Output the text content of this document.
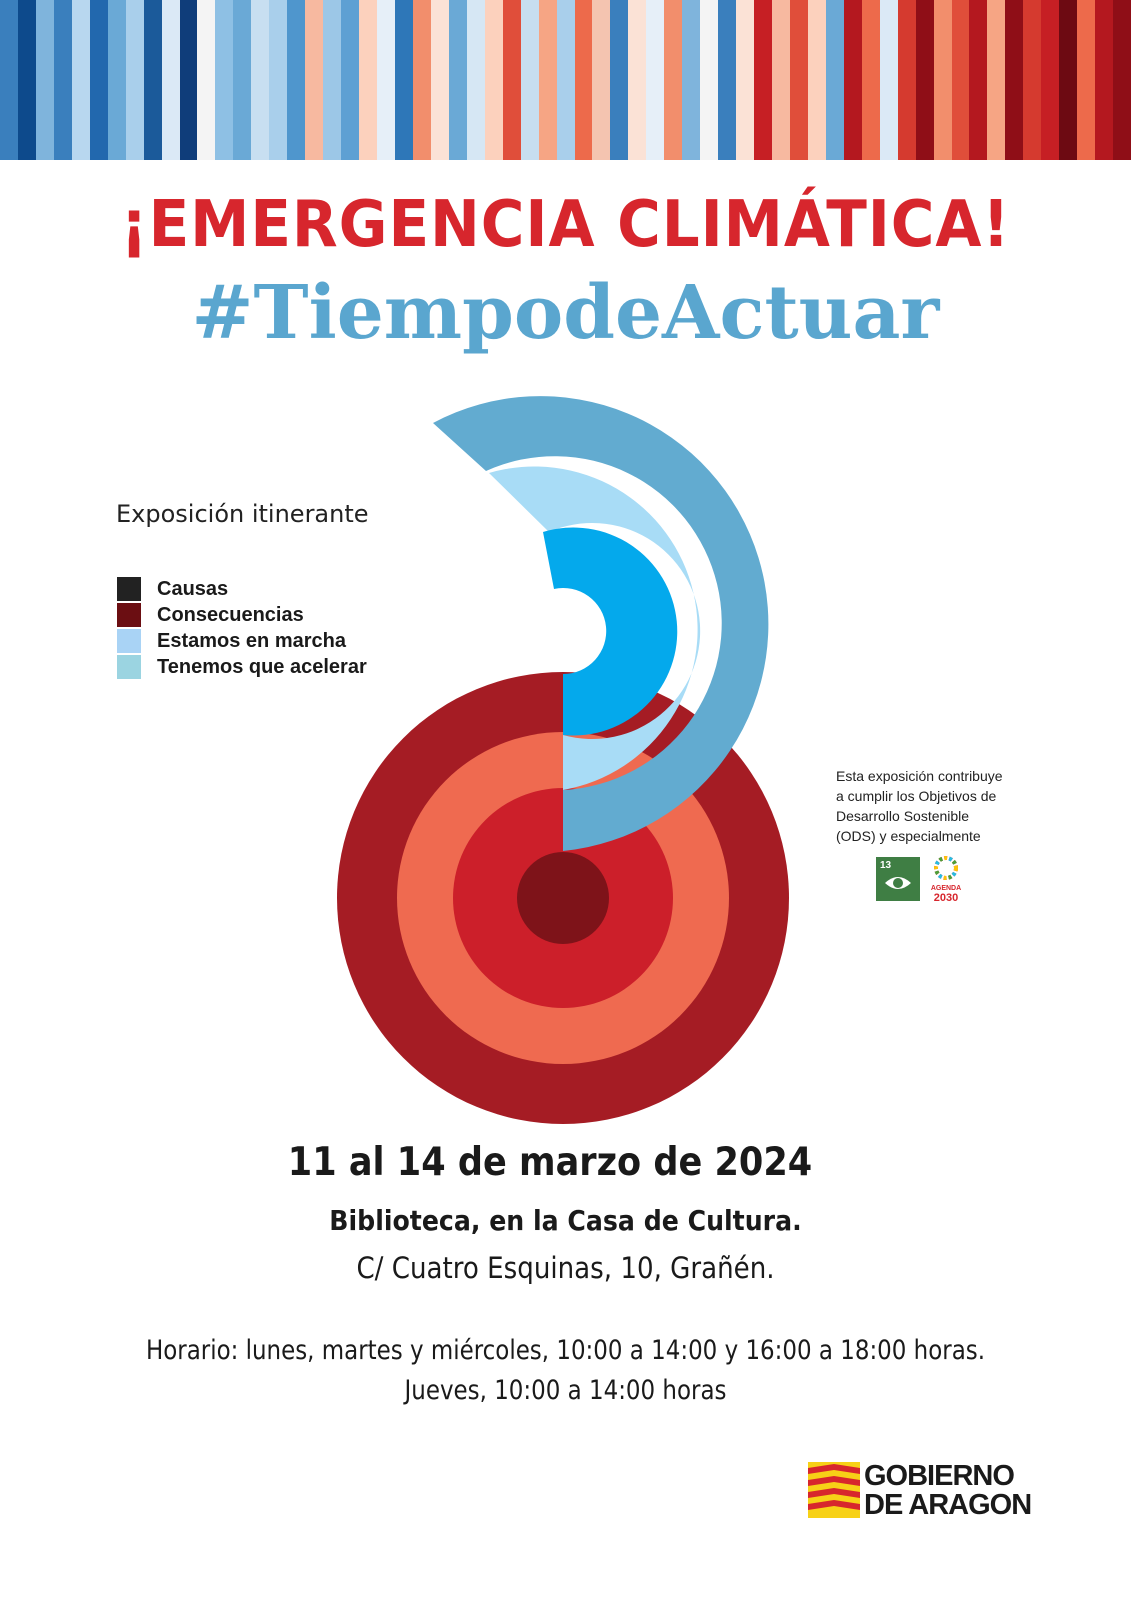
¡EMERGENCIA CLIMÁTICA!
#TiempodeActuar
Exposición itinerante
Causas
Consecuencias
Estamos en marcha
Tenemos que acelerar
Esta exposición contribuye
a cumplir los Objetivos de
Desarrollo Sostenible
(ODS) y especialmente
13
AGENDA
2030
11 al 14 de marzo de 2024
Biblioteca, en la Casa de Cultura.
C/ Cuatro Esquinas, 10, Grañén.
Horario: lunes, martes y miércoles, 10:00 a 14:00 y 16:00 a 18:00 horas.
Jueves, 10:00 a 14:00 horas
GOBIERNO
DE ARAGON
